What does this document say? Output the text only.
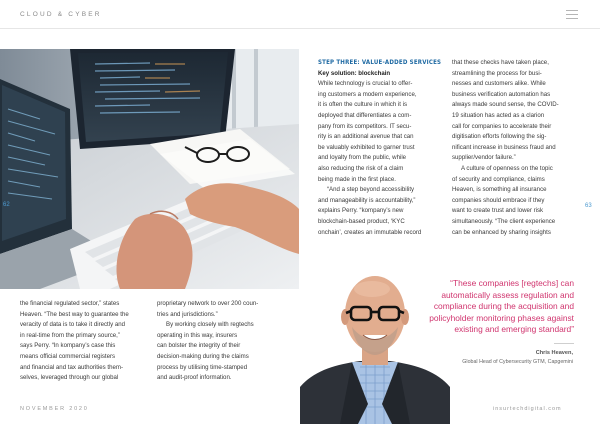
CLOUD & CYBER
62	63

STEP THREE: VALUE-ADDED SERVICES

Key solution: blockchain

While technology is crucial to offer-

ing customers a modern experience,

it is often the culture in which it is

deployed that differentiates a com-

pany from its competitors. IT secu-

rity is an additional avenue that can

be valuably exhibited to garner trust

and loyalty from the public, while

also reducing the risk of a claim

being made in the first place.

“And a step beyond accessibility

and manageability is accountability,”

explains Perry. “kompany’s new

blockchain-based product, ‘KYC

onchain’, creates an immutable record

that these checks have taken place,

streamlining the process for busi-

nesses and customers alike. While

business verification automation has

always made sound sense, the COVID-

19 situation has acted as a clarion

call for companies to accelerate their

digitisation efforts following the sig-

nificant increase in business fraud and

supplier/vendor failure.”

A culture of openness on the topic

of security and compliance, claims

Heaven, is something all insurance

companies should embrace if they

want to create trust and lower risk

simultaneously. “The client experience

can be enhanced by sharing insights

the financial regulated sector,” states

Heaven. “The best way to guarantee the

veracity of data is to take it directly and

in real-time from the primary source,”

says Perry. “In kompany’s case this

means official commercial registers

and financial and tax authorities them-

selves, leveraged through our global

proprietary network to over 200 coun-

tries and jurisdictions.”

By working closely with regtechs

operating in this way, insurers

can bolster the integrity of their

decision-making during the claims

process by utilising time-stamped

and audit-proof information.

“These companies [regtechs] can
automatically assess regulation and
compliance during the acquisition and
policyholder monitoring phases against
existing and emerging standard”
Chris Heaven,
Global Head of Cybersecurity GTM, Capgemini
NOVEMBER 2020	insurtechdigital.com
